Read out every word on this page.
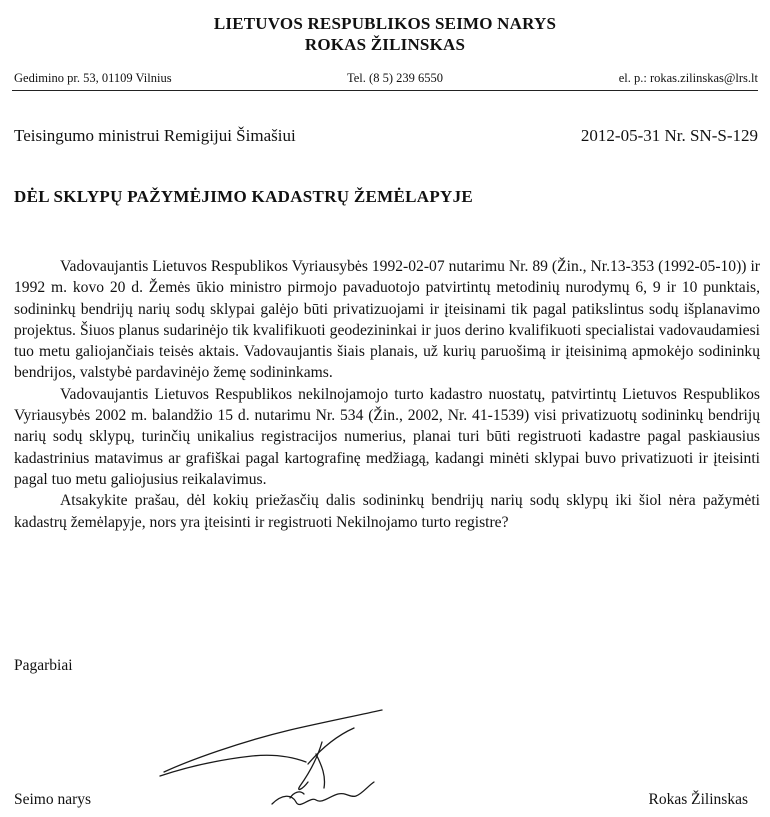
LIETUVOS RESPUBLIKOS SEIMO NARYS
ROKAS ŽILINSKAS
Gedimino pr. 53, 01109 Vilnius	Tel. (8 5) 239 6550	el. p.: rokas.zilinskas@lrs.lt
Teisingumo ministrui Remigijui Šimašiui	2012-05-31 Nr. SN-S-129
DĖL SKLYPŲ PAŽYMĖJIMO KADASTRŲ ŽEMĖLAPYJE

Vadovaujantis Lietuvos Respublikos Vyriausybės 1992-02-07 nutarimu Nr. 89 (Žin., Nr.13-353 (1992-05-10)) ir 1992 m. kovo 20 d. Žemės ūkio ministro pirmojo pavaduotojo patvirtintų metodinių nurodymų 6, 9 ir 10 punktais, sodininkų bendrijų narių sodų sklypai galėjo būti privatizuojami ir įteisinami tik pagal patikslintus sodų išplanavimo projektus. Šiuos planus sudarinėjo tik kvalifikuoti geodezininkai ir juos derino kvalifikuoti specialistai vadovaudamiesi tuo metu galiojančiais teisės aktais. Vadovaujantis šiais planais, už kurių paruošimą ir įteisinimą apmokėjo sodininkų bendrijos, valstybė pardavinėjo žemę sodininkams.

Vadovaujantis Lietuvos Respublikos nekilnojamojo turto kadastro nuostatų, patvirtintų Lietuvos Respublikos Vyriausybės 2002 m. balandžio 15 d. nutarimu Nr. 534 (Žin., 2002, Nr. 41-1539) visi privatizuotų sodininkų bendrijų narių sodų sklypų, turinčių unikalius registracijos numerius, planai turi būti registruoti kadastre pagal paskiausius kadastrinius matavimus ar grafiškai pagal kartografinę medžiagą, kadangi minėti sklypai buvo privatizuoti ir įteisinti pagal tuo metu galiojusius reikalavimus.

Atsakykite prašau, dėl kokių priežasčių dalis sodininkų bendrijų narių sodų sklypų iki šiol nėra pažymėti kadastrų žemėlapyje, nors yra įteisinti ir registruoti Nekilnojamo turto registre?

Pagarbiai
Seimo narys	Rokas Žilinskas
